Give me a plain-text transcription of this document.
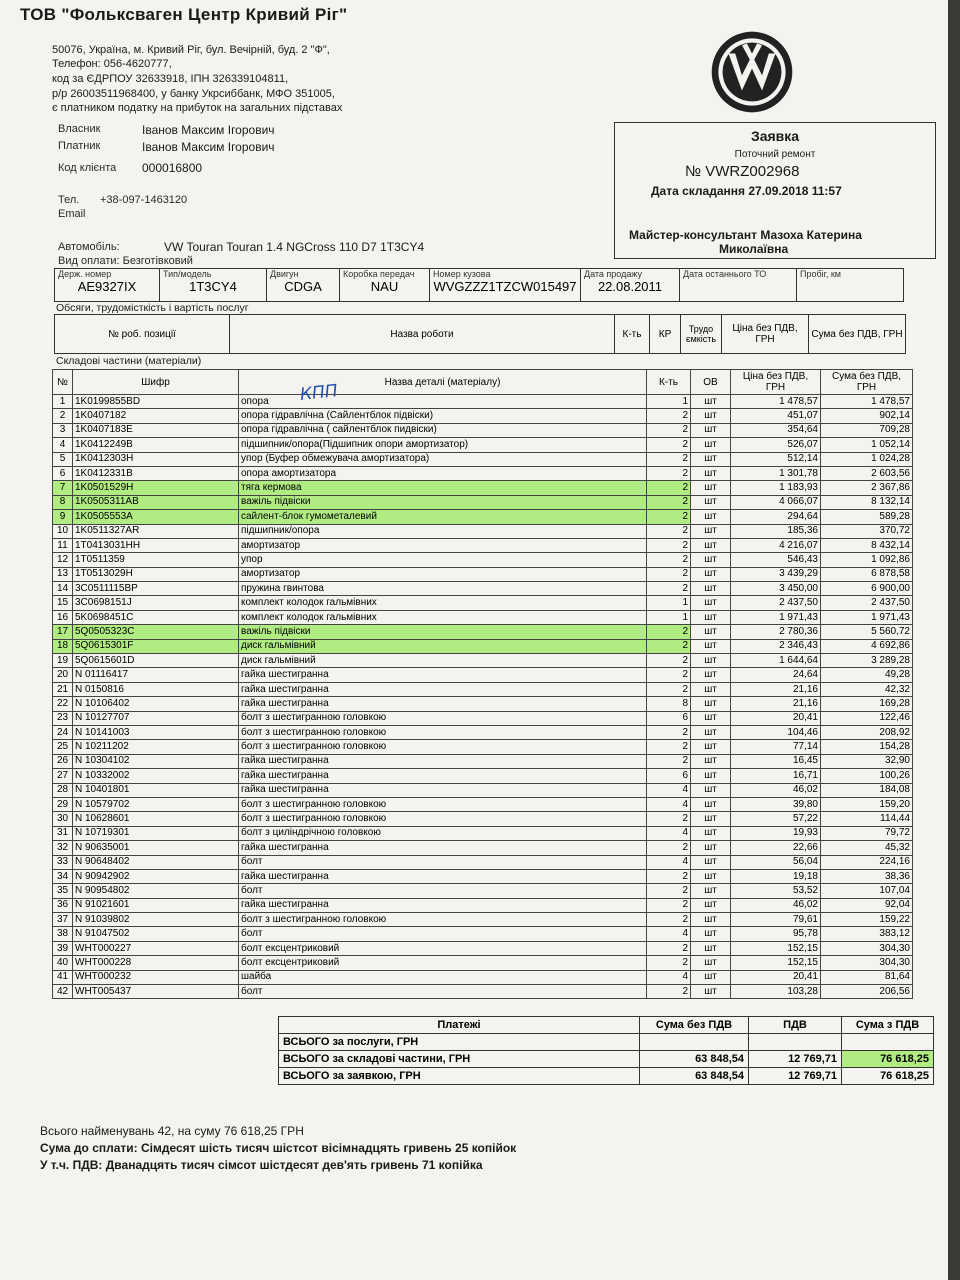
ТОВ "Фольксваген Центр Кривий Ріг"
50076, Україна, м. Кривий Ріг, бул. Вечірній, буд. 2 "Ф",
Телефон: 056-4620777,
код за ЄДРПОУ 32633918, ІПН 326339104811,
р/р 26003511968400, у банку Укрсиббанк, МФО 351005,
є платником податку на прибуток на загальних підставах
Власник	Іванов Максим Ігорович
Платник	Іванов Максим Ігорович
Код клієнта 000016800
Тел. +38-097-1463120
Email
Автомобіль:	VW Touran Touran 1.4 NGCross 110 D7 1T3CY4
Вид оплати: Безготівковий
Заявка
Поточний ремонт
№ VWRZ002968
Дата складання 27.09.2018 11:57
Майстер-консультант Мазоха Катерина
Миколаївна
Держ. номер
AE9327IX

Тип/модель
1T3CY4

Двигун
CDGA

Коробка передач
NAU

Номер кузова
WVGZZZ1TZCW015497

Дата продажу
22.08.2011

Дата останнього ТО	Пробіг, км
Обсяги, трудомісткість і вартість послуг
№ роб. позиції	Назва роботи	К-ть	КР	Трудо ємкість	Ціна без ПДВ, ГРН	Сума без ПДВ, ГРН
Складові частини (матеріали)
№	Шифр	Назва деталі (матеріалу)	К-ть	ОВ	Ціна без ПДВ, ГРН	Сума без ПДВ, ГРН
1	1K0199855BD	опора	1	шт	1 478,57	1 478,57
2	1K0407182	опора гідравлічна (Сайлентблок підвіски)	2	шт	451,07	902,14
3	1K0407183E	опора гідравлічна ( сайлентблок пидвіски)	2	шт	354,64	709,28
4	1K0412249B	підшипник/опора(Підшипник опори амортизатор)	2	шт	526,07	1 052,14
5	1K0412303H	упор (Буфер обмежувача амортизатора)	2	шт	512,14	1 024,28
6	1K0412331B	опора амортизатора	2	шт	1 301,78	2 603,56
7	1K0501529H	тяга кермова	2	шт	1 183,93	2 367,86
8	1K0505311AB	важіль підвіски	2	шт	4 066,07	8 132,14
9	1K0505553A	сайлент-блок гумометалевий	2	шт	294,64	589,28
10	1K0511327AR	підшипник/опора	2	шт	185,36	370,72
11	1T0413031HH	амортизатор	2	шт	4 216,07	8 432,14
12	1T0511359	упор	2	шт	546,43	1 092,86
13	1T0513029H	амортизатор	2	шт	3 439,29	6 878,58
14	3C0511115BP	пружина гвинтова	2	шт	3 450,00	6 900,00
15	3C0698151J	комплект колодок гальмівних	1	шт	2 437,50	2 437,50
16	5K0698451C	комплект колодок гальмівних	1	шт	1 971,43	1 971,43
17	5Q0505323C	важіль підвіски	2	шт	2 780,36	5 560,72
18	5Q0615301F	диск гальмівний	2	шт	2 346,43	4 692,86
19	5Q0615601D	диск гальмівний	2	шт	1 644,64	3 289,28
20	N 01116417	гайка шестигранна	2	шт	24,64	49,28
21	N 0150816	гайка шестигранна	2	шт	21,16	42,32
22	N 10106402	гайка шестигранна	8	шт	21,16	169,28
23	N 10127707	болт з шестигранною головкою	6	шт	20,41	122,46
24	N 10141003	болт з шестигранною головкою	2	шт	104,46	208,92
25	N 10211202	болт з шестигранною головкою	2	шт	77,14	154,28
26	N 10304102	гайка шестигранна	2	шт	16,45	32,90
27	N 10332002	гайка шестигранна	6	шт	16,71	100,26
28	N 10401801	гайка шестигранна	4	шт	46,02	184,08
29	N 10579702	болт з шестигранною головкою	4	шт	39,80	159,20
30	N 10628601	болт з шестигранною головкою	2	шт	57,22	114,44
31	N 10719301	болт з циліндрічною головкою	4	шт	19,93	79,72
32	N 90635001	гайка шестигранна	2	шт	22,66	45,32
33	N 90648402	болт	4	шт	56,04	224,16
34	N 90942902	гайка шестигранна	2	шт	19,18	38,36
35	N 90954802	болт	2	шт	53,52	107,04
36	N 91021601	гайка шестигранна	2	шт	46,02	92,04
37	N 91039802	болт з шестигранною головкою	2	шт	79,61	159,22
38	N 91047502	болт	4	шт	95,78	383,12
39	WHT000227	болт ексцентриковий	2	шт	152,15	304,30
40	WHT000228	болт ексцентриковий	2	шт	152,15	304,30
41	WHT000232	шайба	4	шт	20,41	81,64
42	WHT005437	болт	2	шт	103,28	206,56
КПП
Платежі	Сума без ПДВ	ПДВ	Сума з ПДВ
ВСЬОГО за послуги, ГРН			
ВСЬОГО за складові частини, ГРН	63 848,54	12 769,71	76 618,25
ВСЬОГО за заявкою, ГРН	63 848,54	12 769,71	76 618,25
Всього найменувань 42, на суму 76 618,25 ГРН
Сума до сплати: Сімдесят шість тисяч шістсот вісімнадцять гривень 25 копійок
У т.ч. ПДВ: Дванадцять тисяч сімсот шістдесят дев'ять гривень 71 копійка
